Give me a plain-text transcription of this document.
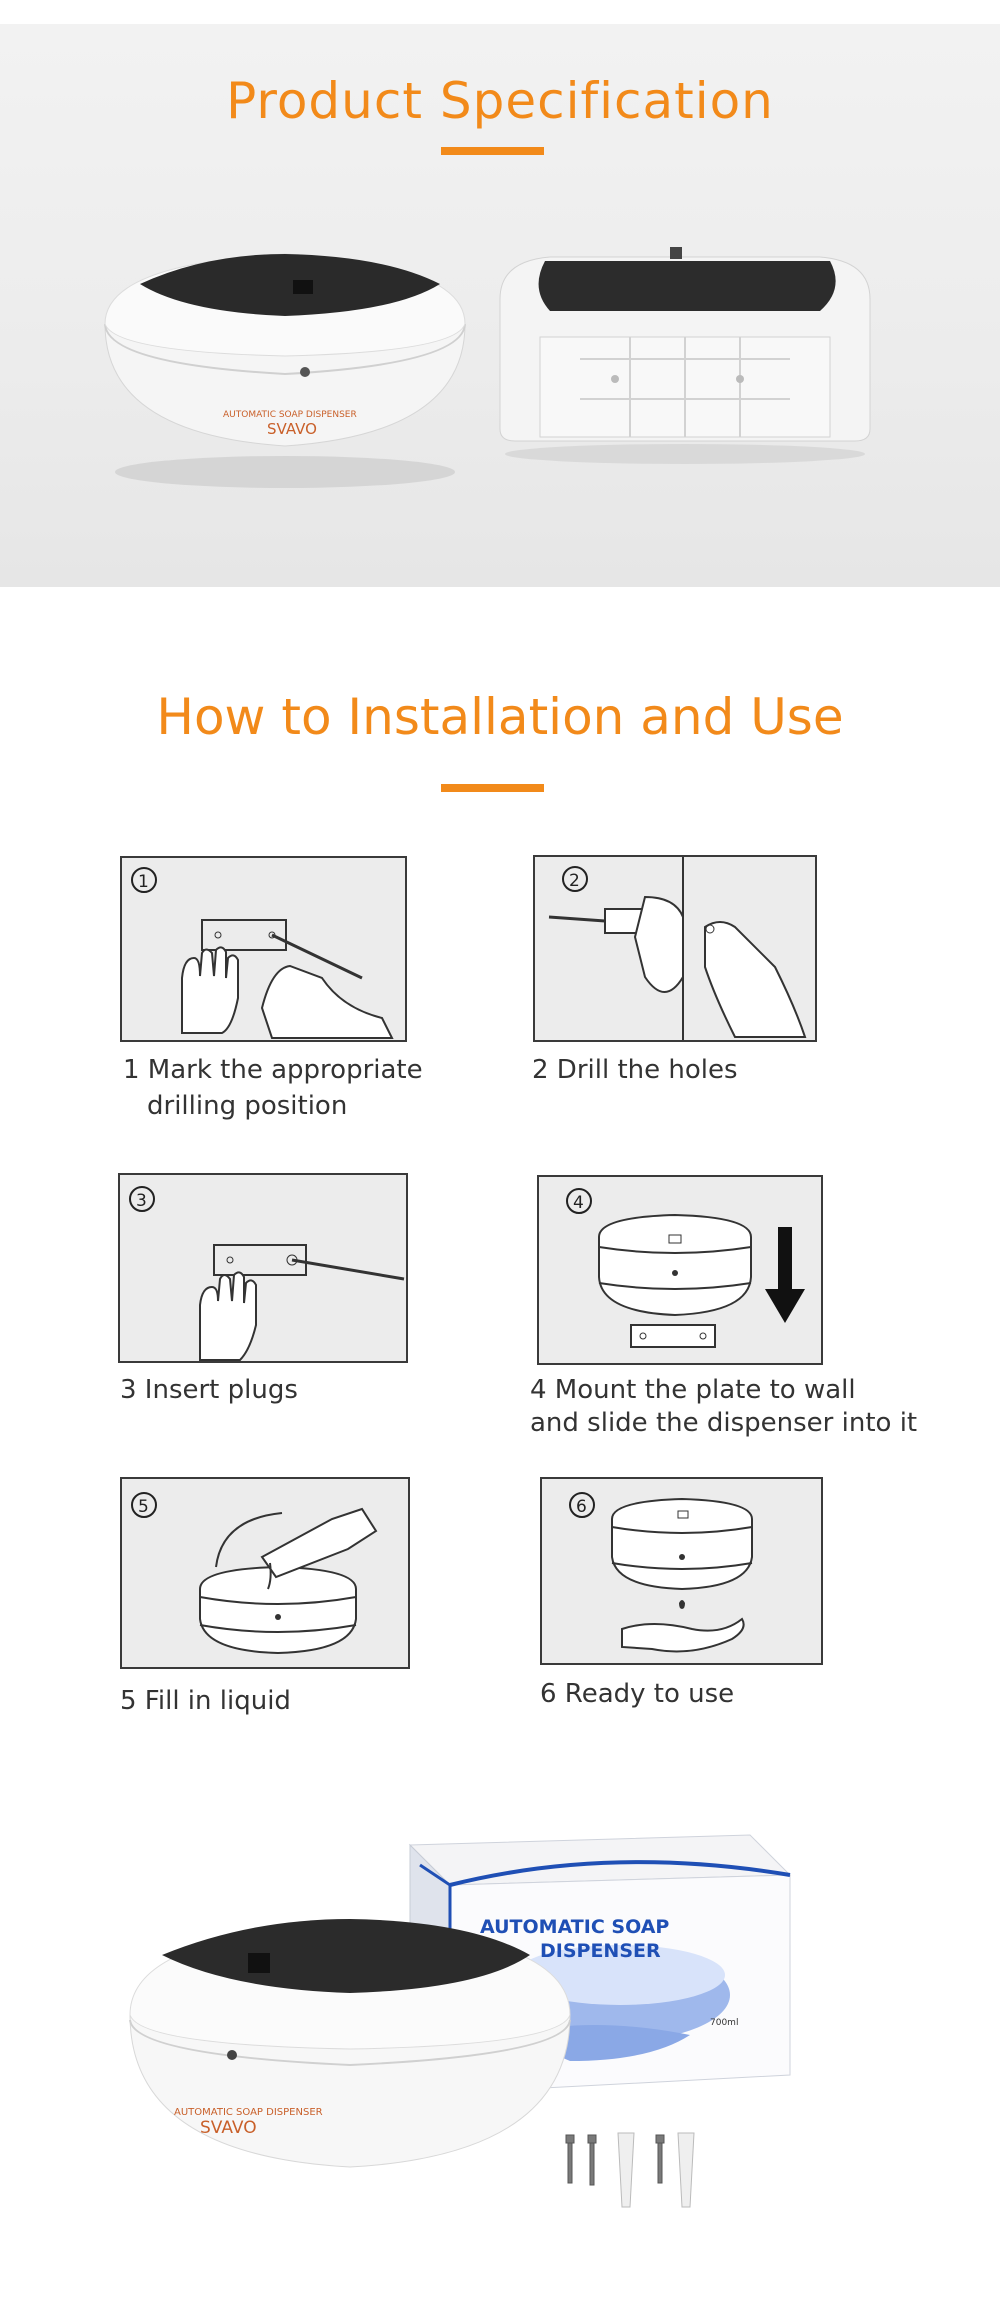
Product Specification
AUTOMATIC SOAP DISPENSER
SVAVO
How to Installation and Use
1
1 Mark the appropriate
drilling position
2
2 Drill the holes
3
3 Insert plugs
4
4 Mount the plate to wall
and slide the dispenser into it
5
5 Fill in liquid
6
6 Ready to use
AUTOMATIC SOAP
DISPENSER
700ml
AUTOMATIC SOAP DISPENSER
SVAVO
